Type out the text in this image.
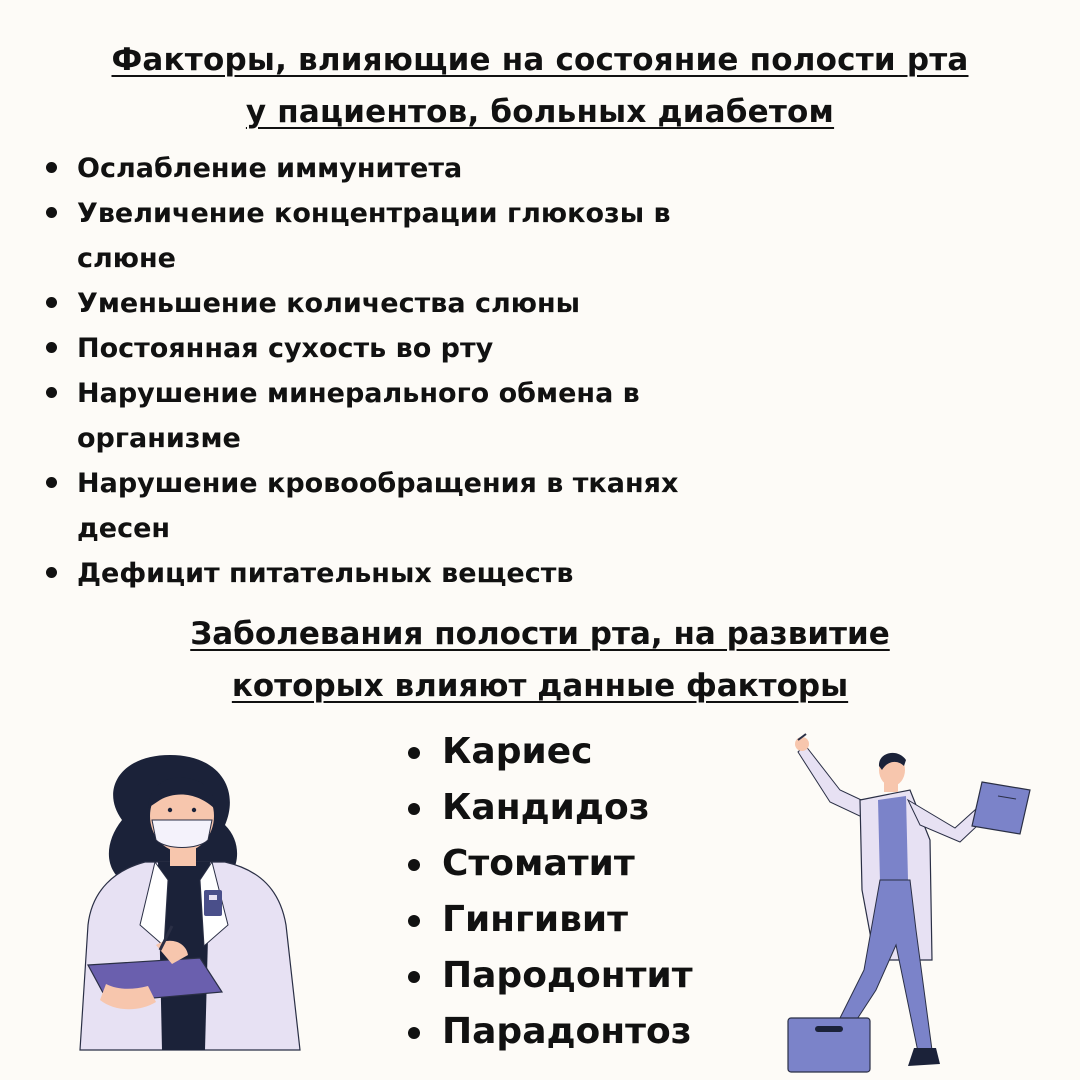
Факторы, влияющие на состояние полости рта
у пациентов, больных диабетом
Ослабление иммунитета
Увеличение концентрации глюкозы в слюне
Уменьшение количества слюны
Постоянная сухость во рту
Нарушение минерального обмена в организме
Нарушение кровообращения в тканях десен
Дефицит питательных веществ
Заболевания полости рта, на развитие
которых влияют данные факторы
Кариес
Кандидоз
Стоматит
Гингивит
Пародонтит
Парадонтоз
